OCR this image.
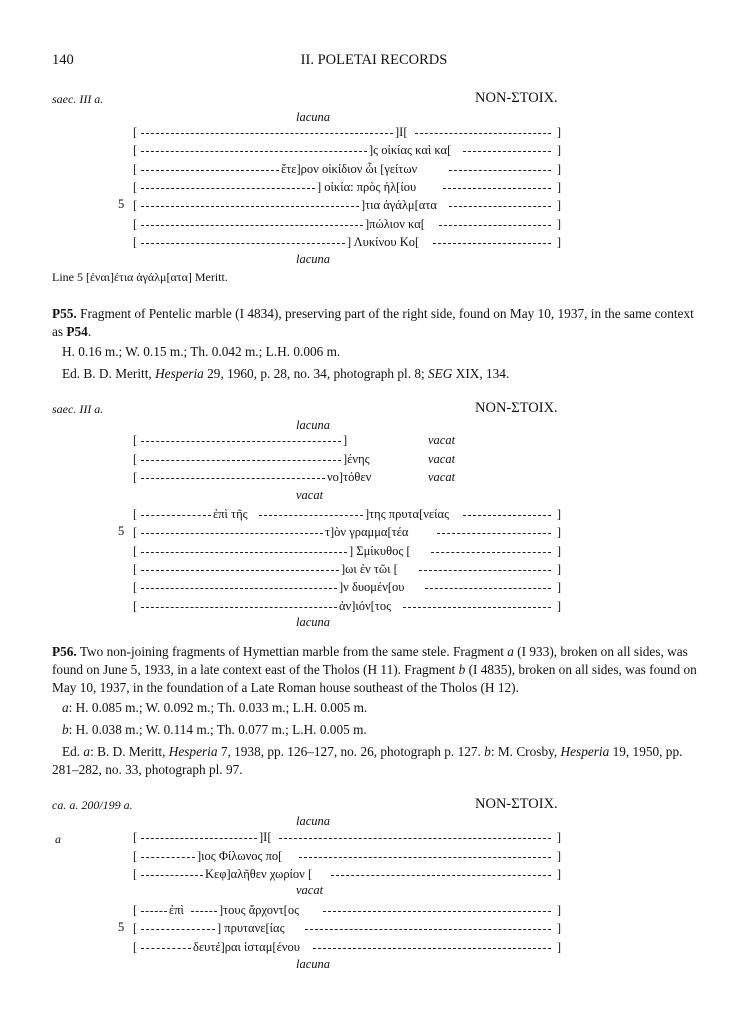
140	II. POLETAI RECORDS
saec. III a.	NON-ΣΤΟΙΧ.
lacuna
[	]I[	]
[	]ς οἰκίας καὶ κα[	]
[	ἔτε]ρον οἰκίδιον ὧι [γείτων	]
[	] οἰκία: πρὸς ἡλ[ίου	]
5 [	]τια ἀγάλμ[ατα	]
[	]πώλιον κα[	]
[	] Λυκίνου Κο[	]
lacuna
Line 5 [ἐναι]έτια ἀγάλμ[ατα] Meritt.
P55. Fragment of Pentelic marble (I 4834), preserving part of the right side, found on May 10, 1937, in the same context as P54.
H. 0.16 m.; W. 0.15 m.; Th. 0.042 m.; L.H. 0.006 m.
Ed. B. D. Meritt, Hesperia 29, 1960, p. 28, no. 34, photograph pl. 8; SEG XIX, 134.
saec. III a.	NON-ΣΤΟΙΧ.
lacuna
[	]	vacat
[	]ένης	vacat
[	νο]τόθεν	vacat
vacat
[	ἐπὶ τῆς	]της πρυτα[νείας	]
5 [	τ]ὸν γραμμα[τέα	]
[	] Σμίκυθος [	]
[	]ωι ἐν τῶι [	]
[	]ν δυομέν[ου	]
[	ἀν]ιόν[τος	]
lacuna
P56. Two non-joining fragments of Hymettian marble from the same stele. Fragment a (I 933), broken on all sides, was found on June 5, 1933, in a late context east of the Tholos (H 11). Fragment b (I 4835), broken on all sides, was found on May 10, 1937, in the foundation of a Late Roman house southeast of the Tholos (H 12).
a: H. 0.085 m.; W. 0.092 m.; Th. 0.033 m.; L.H. 0.005 m.
b: H. 0.038 m.; W. 0.114 m.; Th. 0.077 m.; L.H. 0.005 m.
Ed. a: B. D. Meritt, Hesperia 7, 1938, pp. 126–127, no. 26, photograph p. 127. b: M. Crosby, Hesperia 19, 1950, pp. 281–282, no. 33, photograph pl. 97.
ca. a. 200/199 a.	NON-ΣΤΟΙΧ.
lacuna
a	[	]I[	]
[	]ιος Φίλωνος πο[	]
[	Κεφ]αλῆθεν χωρίον [	]
vacat
[	ἐπὶ	]τους ἄρχοντ[ος	]
5 [	] πρυτανε[ίας	]
[	δευτέ]ραι ἱσταμ[ένου	]
lacuna
